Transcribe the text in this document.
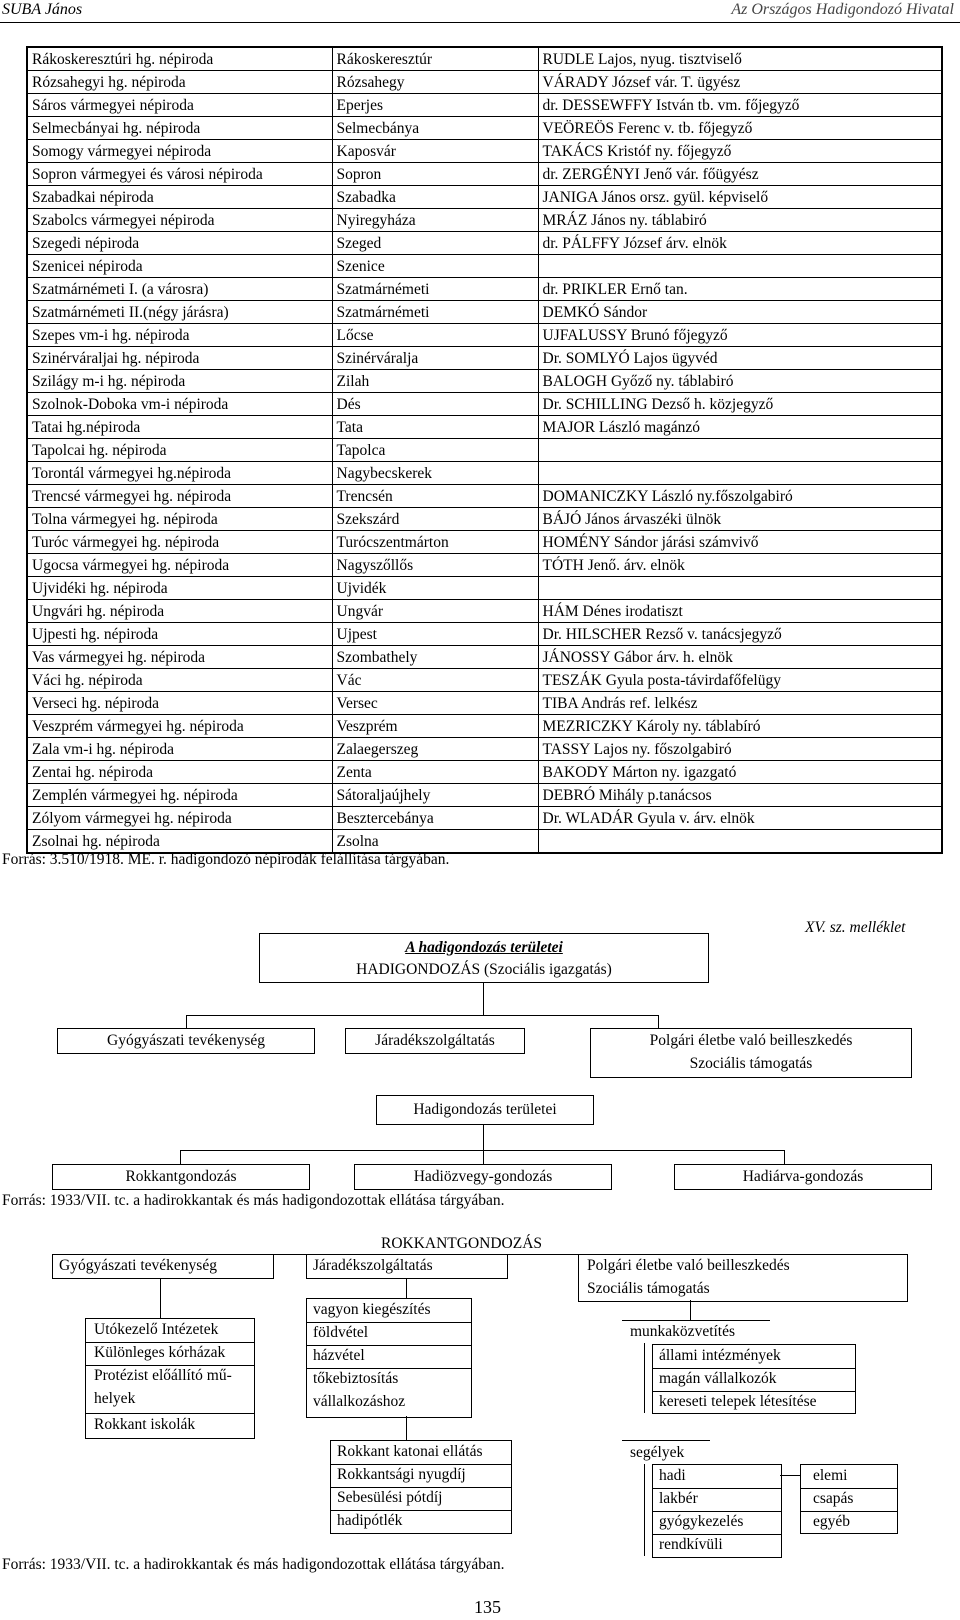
SUBA János	Az Országos Hadigondozó Hivatal
Rákoskeresztúri hg. népiroda	Rákoskeresztúr	RUDLE Lajos, nyug. tisztviselő
Rózsahegyi hg. népiroda	Rózsahegy	VÁRADY József vár. T. ügyész
Sáros vármegyei népiroda	Eperjes	dr. DESSEWFFY István tb. vm. főjegyző
Selmecbányai hg. népiroda	Selmecbánya	VEÖREÖS Ferenc v. tb. főjegyző
Somogy vármegyei népiroda	Kaposvár	TAKÁCS Kristóf ny. főjegyző
Sopron vármegyei és városi népiroda	Sopron	dr. ZERGÉNYI Jenő vár. főügyész
Szabadkai népiroda	Szabadka	JANIGA János orsz. gyül. képviselő
Szabolcs vármegyei népiroda	Nyiregyháza	MRÁZ János ny. táblabiró
Szegedi népiroda	Szeged	dr. PÁLFFY József árv. elnök
Szenicei népiroda	Szenice	
Szatmárnémeti I. (a városra)	Szatmárnémeti	dr. PRIKLER Ernő tan.
Szatmárnémeti II.(négy járásra)	Szatmárnémeti	DEMKÓ Sándor
Szepes vm-i hg. népiroda	Lőcse	UJFALUSSY Brunó főjegyző
Szinérváraljai hg. népiroda	Szinérváralja	Dr. SOMLYÓ Lajos ügyvéd
Szilágy m-i hg. népiroda	Zilah	BALOGH Győző ny. táblabiró
Szolnok-Doboka vm-i népiroda	Dés	Dr. SCHILLING Dezső h. közjegyző
Tatai hg.népiroda	Tata	MAJOR László magánzó
Tapolcai hg. népiroda	Tapolca	
Torontál vármegyei hg.népiroda	Nagybecskerek	
Trencsé vármegyei hg. népiroda	Trencsén	DOMANICZKY László ny.főszolgabiró
Tolna vármegyei hg. népiroda	Szekszárd	BÁJÓ János árvaszéki ülnök
Turóc vármegyei hg. népiroda	Turócszentmárton	HOMÉNY Sándor járási számvivő
Ugocsa vármegyei hg. népiroda	Nagyszőllős	TÓTH Jenő. árv. elnök
Ujvidéki hg. népiroda	Ujvidék	
Ungvári hg. népiroda	Ungvár	HÁM Dénes irodatiszt
Ujpesti hg. népiroda	Ujpest	Dr. HILSCHER Rezső v. tanácsjegyző
Vas vármegyei hg. népiroda	Szombathely	JÁNOSSY Gábor árv. h. elnök
Váci hg. népiroda	Vác	TESZÁK Gyula posta-távirdafőfelügy
Verseci hg. népiroda	Versec	TIBA András ref. lelkész
Veszprém vármegyei hg. népiroda	Veszprém	MEZRICZKY Károly ny. táblabíró
Zala vm-i hg. népiroda	Zalaegerszeg	TASSY Lajos ny. főszolgabiró
Zentai hg. népiroda	Zenta	BAKODY Márton ny. igazgató
Zemplén vármegyei hg. népiroda	Sátoraljaújhely	DEBRÓ Mihály p.tanácsos
Zólyom vármegyei hg. népiroda	Besztercebánya	Dr. WLADÁR Gyula v. árv. elnök
Zsolnai hg. népiroda	Zsolna	
Forrás: 3.510/1918. ME. r. hadigondozó népirodák felállítása tárgyában.
XV. sz. melléklet
A hadigondozás területei
HADIGONDOZÁS (Szociális igazgatás)
Gyógyászati tevékenység	Járadékszolgáltatás	Polgári életbe való beilleszkedés
Szociális támogatás
Hadigondozás területei
Rokkantgondozás	Hadiözvegy-gondozás	Hadiárva-gondozás
Forrás: 1933/VII. tc. a hadirokkantak és más hadigondozottak ellátása tárgyában.
ROKKANTGONDOZÁS
Gyógyászati tevékenység	Járadékszolgáltatás	Polgári életbe való beilleszkedés
Szociális támogatás
Utókezelő Intézetek
Különleges kórházak
Protézist előállító mű-
helyek
Rokkant iskolák
vagyon kiegészítés
földvétel
házvétel
tőkebiztosítás
vállalkozáshoz
Rokkant katonai ellátás
Rokkantsági nyugdíj
Sebesülési pótdíj
hadipótlék
munkaközvetítés
állami intézmények
magán vállalkozók
kereseti telepek létesítése
segélyek
hadi
lakbér
gyógykezelés
rendkívüli
elemi
csapás
egyéb
Forrás: 1933/VII. tc. a hadirokkantak és más hadigondozottak ellátása tárgyában.
135
